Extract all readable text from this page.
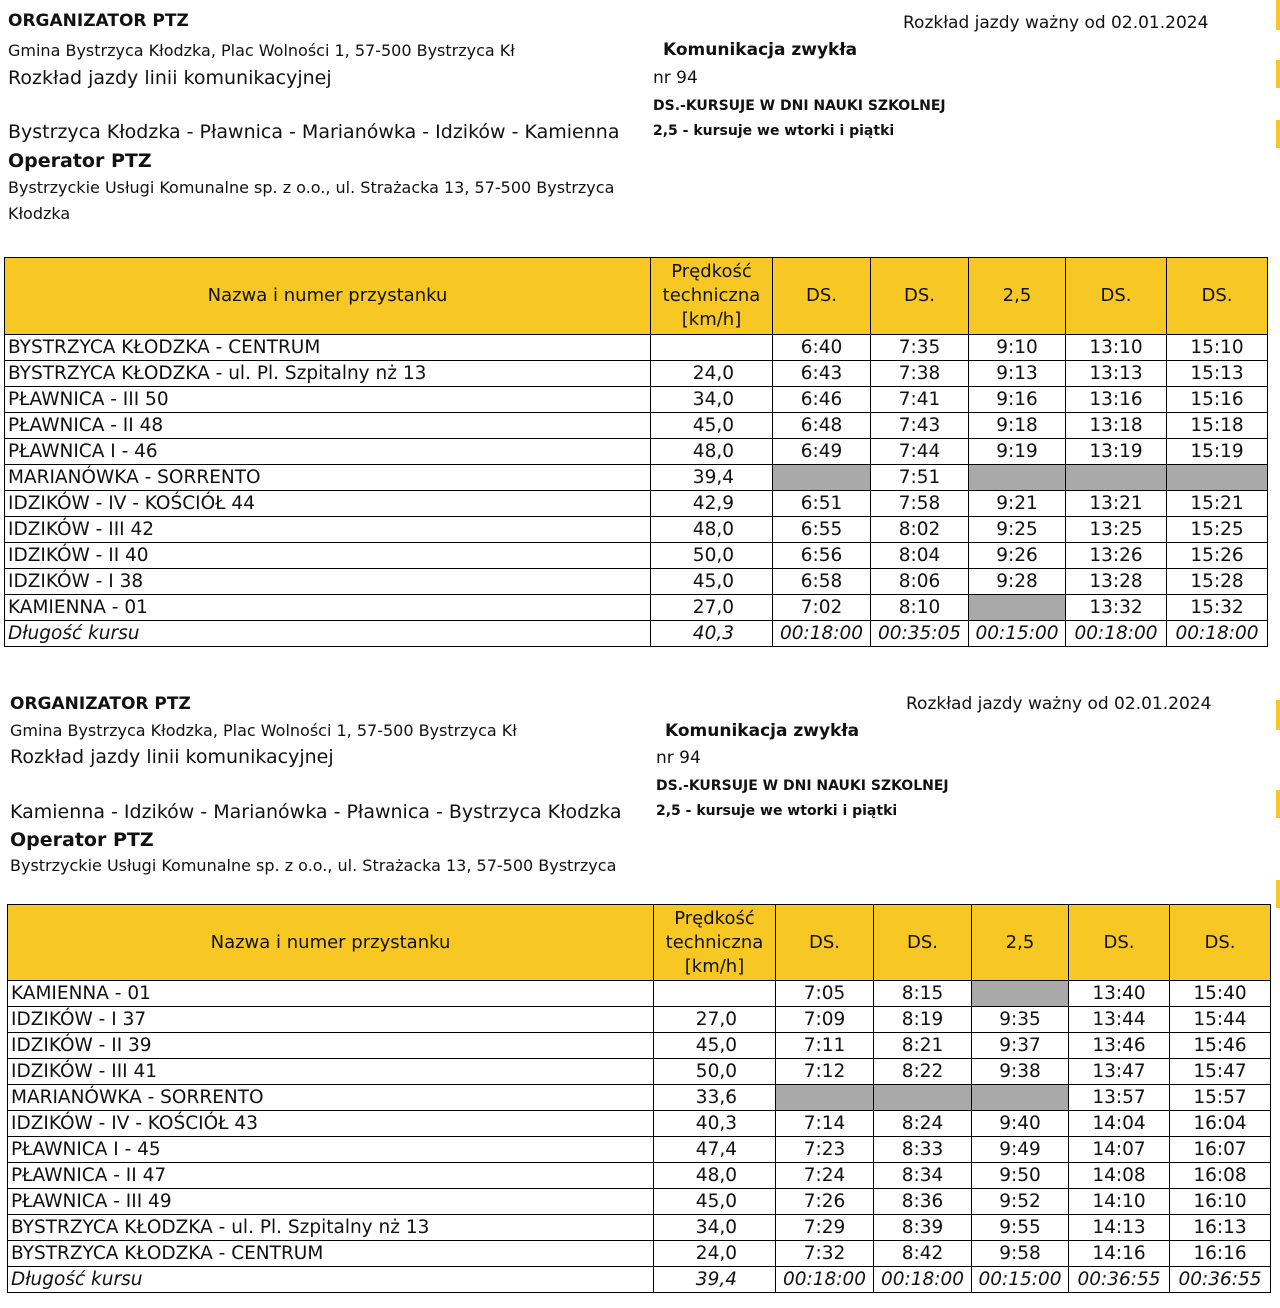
ORGANIZATOR PTZ
Gmina Bystrzyca Kłodzka, Plac Wolności 1, 57-500 Bystrzyca Kł
Rozkład jazdy linii komunikacyjnej
Bystrzyca Kłodzka - Pławnica - Marianówka - Idzików - Kamienna
Operator PTZ
Bystrzyckie Usługi Komunalne sp. z o.o., ul. Strażacka 13, 57-500 Bystrzyca
Kłodzka
Rozkład jazdy ważny od 02.01.2024
Komunikacja zwykła
nr 94
DS.-KURSUJE W DNI NAUKI SZKOLNEJ
2,5 - kursuje we wtorki i piątki
Nazwa i numer przystanku	Prędkość
techniczna
[km/h]	DS.	DS.	2,5	DS.	DS.
BYSTRZYCA KŁODZKA - CENTRUM		6:40	7:35	9:10	13:10	15:10
BYSTRZYCA KŁODZKA - ul. Pl. Szpitalny nż 13	24,0	6:43	7:38	9:13	13:13	15:13
PŁAWNICA - III 50	34,0	6:46	7:41	9:16	13:16	15:16
PŁAWNICA - II 48	45,0	6:48	7:43	9:18	13:18	15:18
PŁAWNICA I - 46	48,0	6:49	7:44	9:19	13:19	15:19
MARIANÓWKA - SORRENTO	39,4		7:51			
IDZIKÓW - IV - KOŚCIÓŁ 44	42,9	6:51	7:58	9:21	13:21	15:21
IDZIKÓW - III 42	48,0	6:55	8:02	9:25	13:25	15:25
IDZIKÓW - II 40	50,0	6:56	8:04	9:26	13:26	15:26
IDZIKÓW - I 38	45,0	6:58	8:06	9:28	13:28	15:28
KAMIENNA - 01	27,0	7:02	8:10		13:32	15:32
Długość kursu	40,3	00:18:00	00:35:05	00:15:00	00:18:00	00:18:00
ORGANIZATOR PTZ
Gmina Bystrzyca Kłodzka, Plac Wolności 1, 57-500 Bystrzyca Kł
Rozkład jazdy linii komunikacyjnej
Kamienna - Idzików - Marianówka - Pławnica - Bystrzyca Kłodzka
Operator PTZ
Bystrzyckie Usługi Komunalne sp. z o.o., ul. Strażacka 13, 57-500 Bystrzyca
Rozkład jazdy ważny od 02.01.2024
Komunikacja zwykła
nr 94
DS.-KURSUJE W DNI NAUKI SZKOLNEJ
2,5 - kursuje we wtorki i piątki
Nazwa i numer przystanku	Prędkość
techniczna
[km/h]	DS.	DS.	2,5	DS.	DS.
KAMIENNA - 01		7:05	8:15		13:40	15:40
IDZIKÓW - I 37	27,0	7:09	8:19	9:35	13:44	15:44
IDZIKÓW - II 39	45,0	7:11	8:21	9:37	13:46	15:46
IDZIKÓW - III 41	50,0	7:12	8:22	9:38	13:47	15:47
MARIANÓWKA - SORRENTO	33,6				13:57	15:57
IDZIKÓW - IV - KOŚCIÓŁ 43	40,3	7:14	8:24	9:40	14:04	16:04
PŁAWNICA I - 45	47,4	7:23	8:33	9:49	14:07	16:07
PŁAWNICA - II 47	48,0	7:24	8:34	9:50	14:08	16:08
PŁAWNICA - III 49	45,0	7:26	8:36	9:52	14:10	16:10
BYSTRZYCA KŁODZKA - ul. Pl. Szpitalny nż 13	34,0	7:29	8:39	9:55	14:13	16:13
BYSTRZYCA KŁODZKA - CENTRUM	24,0	7:32	8:42	9:58	14:16	16:16
Długość kursu	39,4	00:18:00	00:18:00	00:15:00	00:36:55	00:36:55
